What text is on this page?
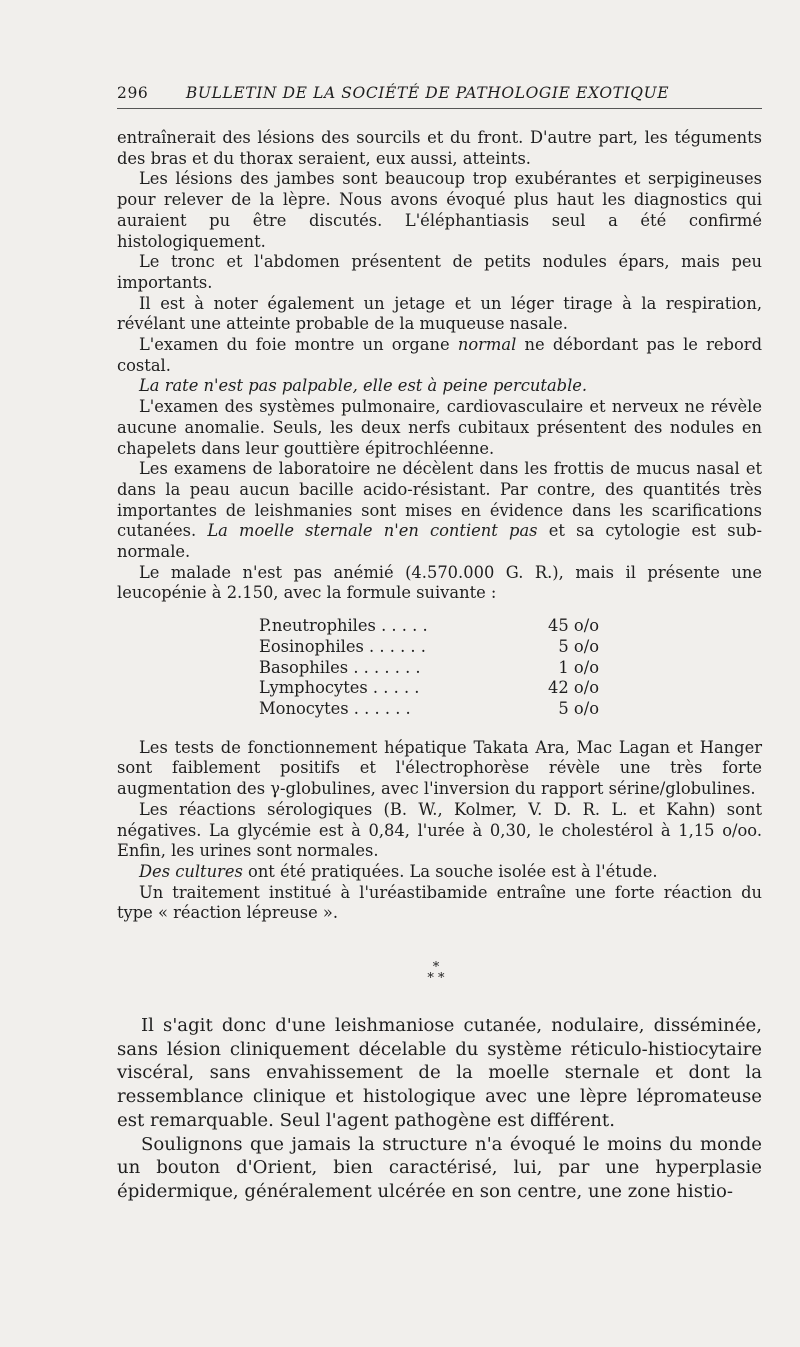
296 BULLETIN DE LA SOCIÉTÉ DE PATHOLOGIE EXOTIQUE

entraînerait des lésions des sourcils et du front. D'autre part, les téguments des bras et du thorax seraient, eux aussi, atteints.

Les lésions des jambes sont beaucoup trop exubérantes et serpigineuses pour relever de la lèpre. Nous avons évoqué plus haut les diagnostics qui auraient pu être discutés. L'éléphantiasis seul a été confirmé histologiquement.

Le tronc et l'abdomen présentent de petits nodules épars, mais peu importants.

Il est à noter également un jetage et un léger tirage à la respiration, révélant une atteinte probable de la muqueuse nasale.

L'examen du foie montre un organe normal ne débordant pas le rebord costal.

La rate n'est pas palpable, elle est à peine percutable.

L'examen des systèmes pulmonaire, cardiovasculaire et nerveux ne révèle aucune anomalie. Seuls, les deux nerfs cubitaux présentent des nodules en chapelets dans leur gouttière épitrochléenne.

Les examens de laboratoire ne décèlent dans les frottis de mucus nasal et dans la peau aucun bacille acido-résistant. Par contre, des quantités très importantes de leishmanies sont mises en évidence dans les scarifications cutanées. La moelle sternale n'en contient pas et sa cytologie est sub-normale.

Le malade n'est pas anémié (4.570.000 G. R.), mais il présente une leucopénie à 2.150, avec la formule suivante :

P.neutrophiles . . . . .	45 o/o
Eosinophiles . . . . . .	5 o/o
Basophiles . . . . . . .	1 o/o
Lymphocytes . . . . .	42 o/o
Monocytes . . . . . .	5 o/o

Les tests de fonctionnement hépatique Takata Ara, Mac Lagan et Hanger sont faiblement positifs et l'électrophorèse révèle une très forte augmentation des γ-globulines, avec l'inversion du rapport sérine/globulines.

Les réactions sérologiques (B. W., Kolmer, V. D. R. L. et Kahn) sont négatives. La glycémie est à 0,84, l'urée à 0,30, le cholestérol à 1,15 o/oo. Enfin, les urines sont normales.

Des cultures ont été pratiquées. La souche isolée est à l'étude.

Un traitement institué à l'uréastibamide entraîne une forte réaction du type « réaction lépreuse ».

*
* *

Il s'agit donc d'une leishmaniose cutanée, nodulaire, disséminée, sans lésion cliniquement décelable du système réticulo-histiocytaire viscéral, sans envahissement de la moelle sternale et dont la ressemblance clinique et histologique avec une lèpre lépromateuse est remarquable. Seul l'agent pathogène est différent.

Soulignons que jamais la structure n'a évoqué le moins du monde un bouton d'Orient, bien caractérisé, lui, par une hyperplasie épidermique, généralement ulcérée en son centre, une zone histio-
